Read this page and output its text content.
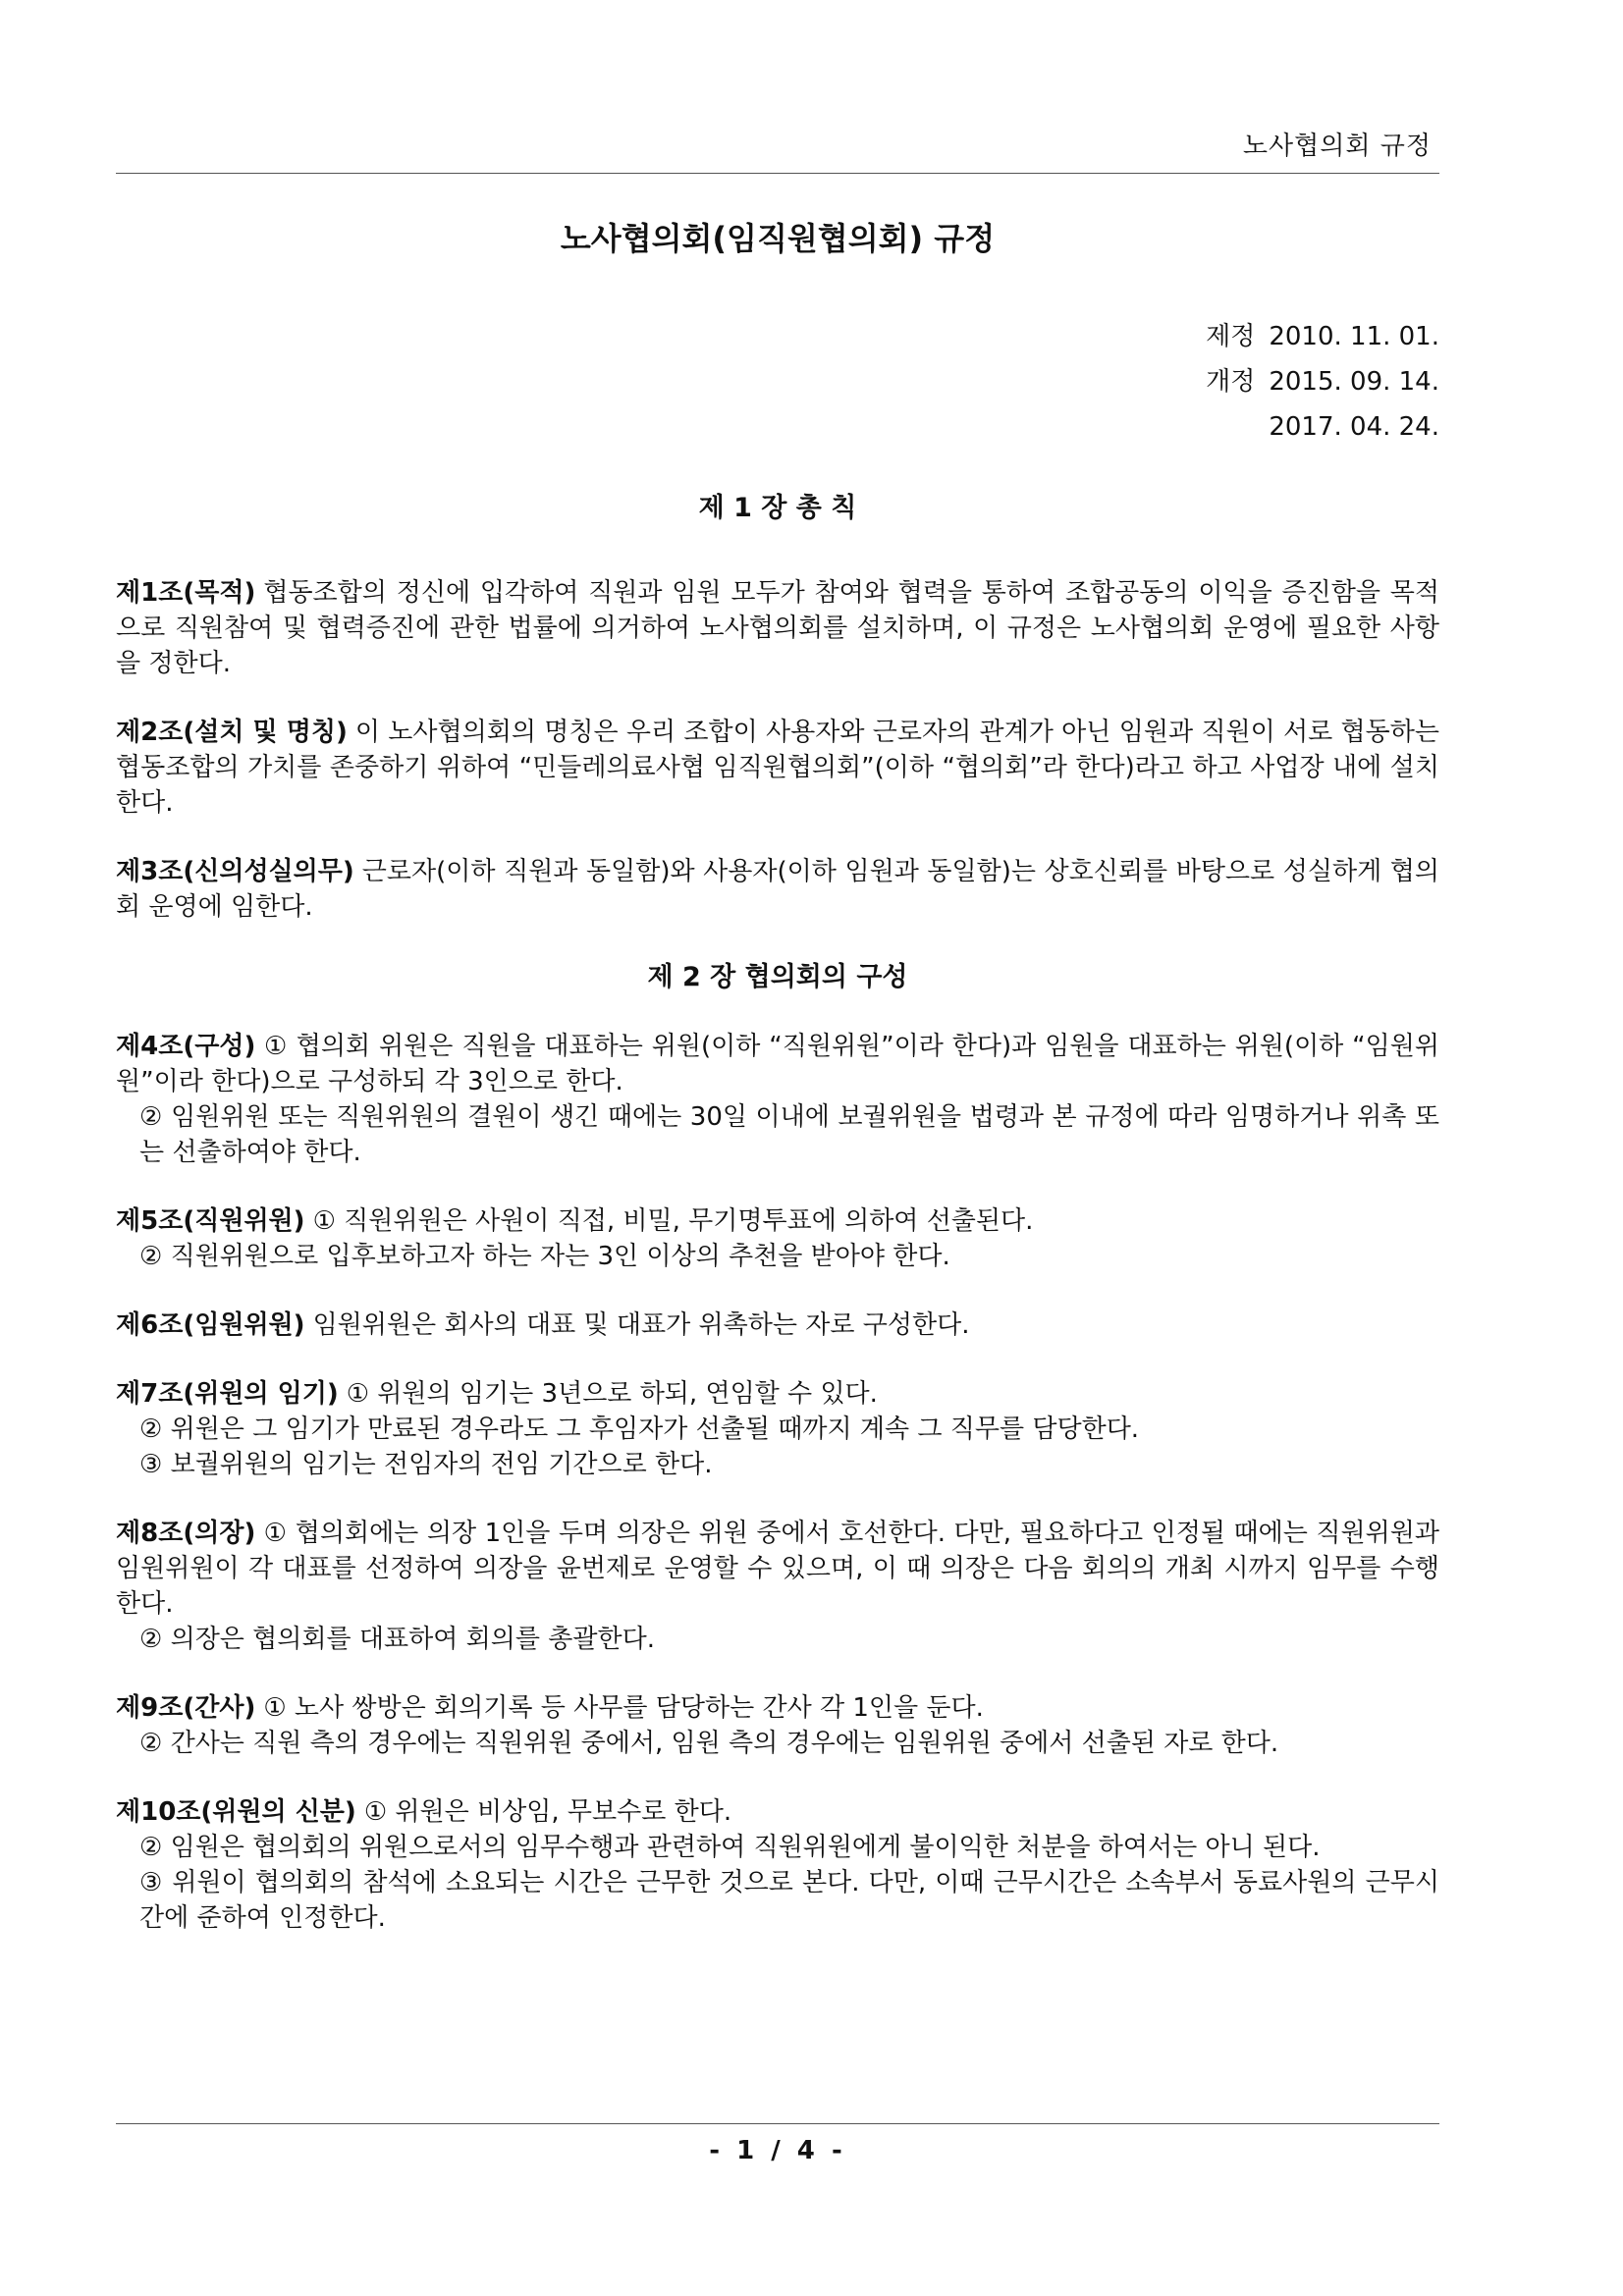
노사협의회 규정
노사협의회(임직원협의회) 규정
제정 2010. 11. 01.
개정 2015. 09. 14.
2017. 04. 24.
제 1 장 총 칙

제1조(목적) 협동조합의 정신에 입각하여 직원과 임원 모두가 참여와 협력을 통하여 조합공동의 이익을 증진함을 목적으로 직원참여 및 협력증진에 관한 법률에 의거하여 노사협의회를 설치하며, 이 규정은 노사협의회 운영에 필요한 사항을 정한다.

제2조(설치 및 명칭) 이 노사협의회의 명칭은 우리 조합이 사용자와 근로자의 관계가 아닌 임원과 직원이 서로 협동하는 협동조합의 가치를 존중하기 위하여 “민들레의료사협 임직원협의회”(이하 “협의회”라 한다)라고 하고 사업장 내에 설치한다.

제3조(신의성실의무) 근로자(이하 직원과 동일함)와 사용자(이하 임원과 동일함)는 상호신뢰를 바탕으로 성실하게 협의회 운영에 임한다.

제 2 장 협의회의 구성

제4조(구성) ① 협의회 위원은 직원을 대표하는 위원(이하 “직원위원”이라 한다)과 임원을 대표하는 위원(이하 “임원위원”이라 한다)으로 구성하되 각 3인으로 한다.

② 임원위원 또는 직원위원의 결원이 생긴 때에는 30일 이내에 보궐위원을 법령과 본 규정에 따라 임명하거나 위촉 또는 선출하여야 한다.

제5조(직원위원) ① 직원위원은 사원이 직접, 비밀, 무기명투표에 의하여 선출된다.

② 직원위원으로 입후보하고자 하는 자는 3인 이상의 추천을 받아야 한다.

제6조(임원위원) 임원위원은 회사의 대표 및 대표가 위촉하는 자로 구성한다.

제7조(위원의 임기) ① 위원의 임기는 3년으로 하되, 연임할 수 있다.

② 위원은 그 임기가 만료된 경우라도 그 후임자가 선출될 때까지 계속 그 직무를 담당한다.

③ 보궐위원의 임기는 전임자의 전임 기간으로 한다.

제8조(의장) ① 협의회에는 의장 1인을 두며 의장은 위원 중에서 호선한다. 다만, 필요하다고 인정될 때에는 직원위원과 임원위원이 각 대표를 선정하여 의장을 윤번제로 운영할 수 있으며, 이 때 의장은 다음 회의의 개최 시까지 임무를 수행한다.

② 의장은 협의회를 대표하여 회의를 총괄한다.

제9조(간사) ① 노사 쌍방은 회의기록 등 사무를 담당하는 간사 각 1인을 둔다.

② 간사는 직원 측의 경우에는 직원위원 중에서, 임원 측의 경우에는 임원위원 중에서 선출된 자로 한다.

제10조(위원의 신분) ① 위원은 비상임, 무보수로 한다.

② 임원은 협의회의 위원으로서의 임무수행과 관련하여 직원위원에게 불이익한 처분을 하여서는 아니 된다.

③ 위원이 협의회의 참석에 소요되는 시간은 근무한 것으로 본다. 다만, 이때 근무시간은 소속부서 동료사원의 근무시간에 준하여 인정한다.

- 1 / 4 -
